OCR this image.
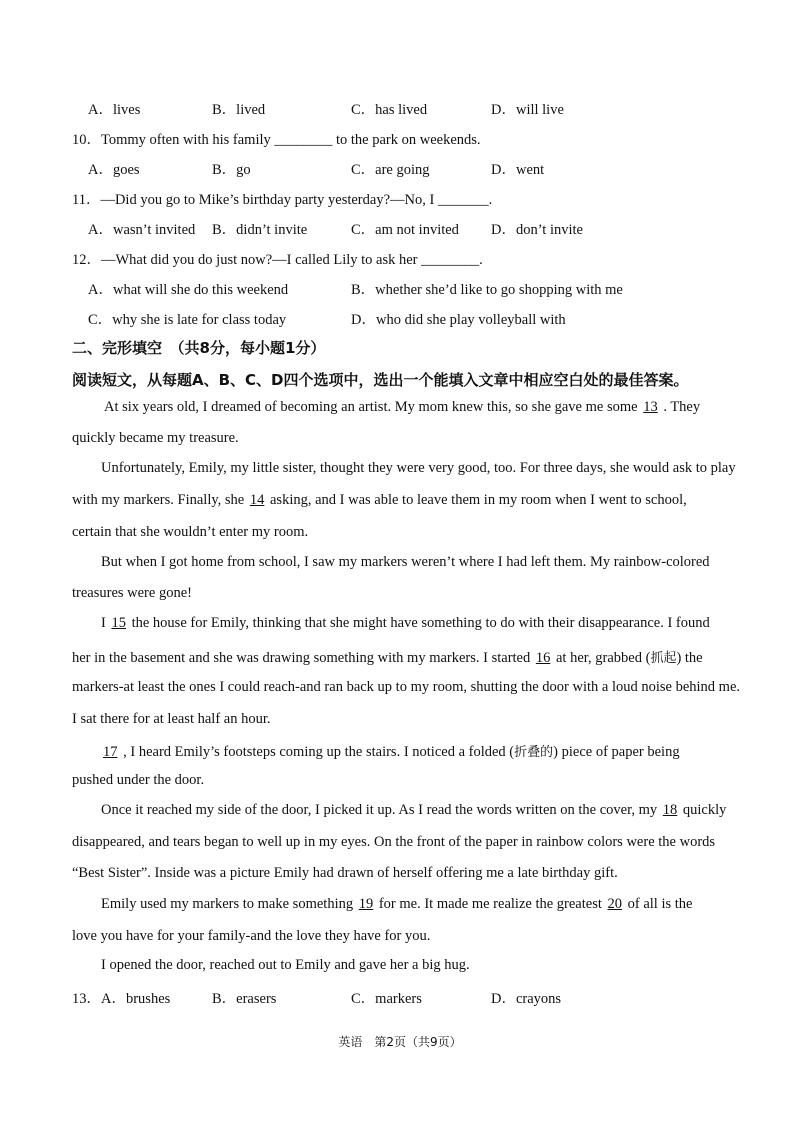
A．lives	B．lived	C．has lived	D．will live
10．Tommy often with his family ________ to the park on weekends.
A．goes	B．go	C．are going	D．went
11．—Did you go to Mike’s birthday party yesterday?—No, I _______.
A．wasn’t invited B．didn’t invite	C．am not invited D．don’t invite
12．—What did you do just now?—I called Lily to ask her ________.
A．what will she do this weekend	B．whether she’d like to go shopping with me
C．why she is late for class today	D．who did she play volleyball with
二、完形填空　（共8分，每小题1分）
阅读短文，从每题A、B、C、D四个选项中，选出一个能填入文章中相应空白处的最佳答案。
At six years old, I dreamed of becoming an artist. My mom knew this, so she gave me some 13 . They
quickly became my treasure.
Unfortunately, Emily, my little sister, thought they were very good, too. For three days, she would ask to play
with my markers. Finally, she 14 asking, and I was able to leave them in my room when I went to school,
certain that she wouldn’t enter my room.
But when I got home from school, I saw my markers weren’t where I had left them. My rainbow-colored
treasures were gone!
I 15 the house for Emily, thinking that she might have something to do with their disappearance. I found
her in the basement and she was drawing something with my markers. I started 16 at her, grabbed (抓起) the
markers-at least the ones I could reach-and ran back up to my room, shutting the door with a loud noise behind me.
I sat there for at least half an hour.
17 , I heard Emily’s footsteps coming up the stairs. I noticed a folded (折叠的) piece of paper being
pushed under the door.
Once it reached my side of the door, I picked it up. As I read the words written on the cover, my 18 quickly
disappeared, and tears began to well up in my eyes. On the front of the paper in rainbow colors were the words
“Best Sister”. Inside was a picture Emily had drawn of herself offering me a late birthday gift.
Emily used my markers to make something 19 for me. It made me realize the greatest 20 of all is the
love you have for your family-and the love they have for you.
I opened the door, reached out to Emily and gave her a big hug.
13．A．brushes	B．erasers	C．markers	D．crayons
英语　第2页（共9页）
